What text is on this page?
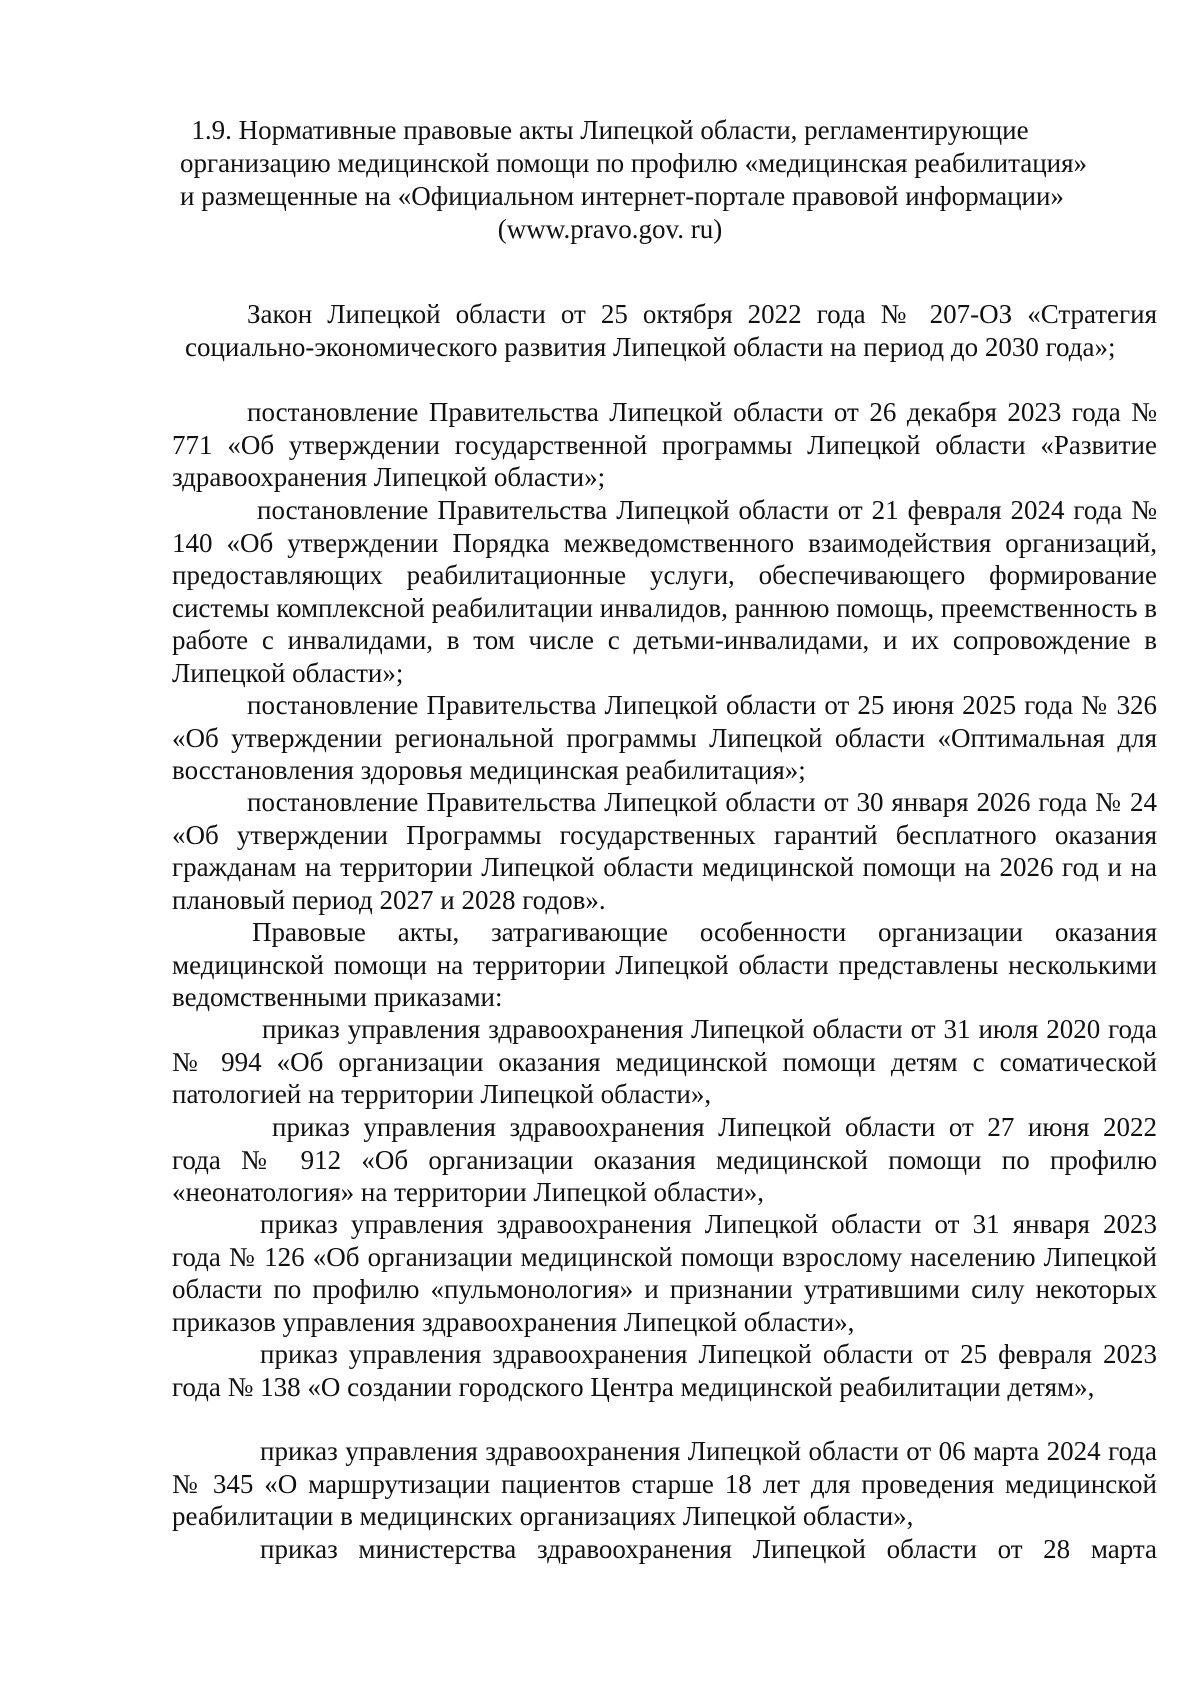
1.9. Нормативные правовые акты Липецкой области, регламентирующие
организацию медицинской помощи по профилю «медицинская реабилитация»
и размещенные на «Официальном интернет-портале правовой информации»
(www.pravo.gov. ru)

Закон Липецкой области от 25 октября 2022 года № 207-ОЗ «Стратегия социально-экономического развития Липецкой области на период до 2030 года»;

постановление Правительства Липецкой области от 26 декабря 2023 года № 771 «Об утверждении государственной программы Липецкой области «Развитие здравоохранения Липецкой области»;

постановление Правительства Липецкой области от 21 февраля 2024 года № 140 «Об утверждении Порядка межведомственного взаимодействия организаций, предоставляющих реабилитационные услуги, обеспечивающего формирование системы комплексной реабилитации инвалидов, раннюю помощь, преемственность в работе с инвалидами, в том числе с детьми-инвалидами, и их сопровождение в Липецкой области»;

постановление Правительства Липецкой области от 25 июня 2025 года № 326 «Об утверждении региональной программы Липецкой области «Оптимальная для восстановления здоровья медицинская реабилитация»;

постановление Правительства Липецкой области от 30 января 2026 года № 24 «Об утверждении Программы государственных гарантий бесплатного оказания гражданам на территории Липецкой области медицинской помощи на 2026 год и на плановый период 2027 и 2028 годов».

Правовые акты, затрагивающие особенности организации оказания медицинской помощи на территории Липецкой области представлены несколькими ведомственными приказами:

приказ управления здравоохранения Липецкой области от 31 июля 2020 года № 994 «Об организации оказания медицинской помощи детям с соматической патологией на территории Липецкой области»,

приказ управления здравоохранения Липецкой области от 27 июня 2022 года № 912 «Об организации оказания медицинской помощи по профилю «неонатология» на территории Липецкой области»,

приказ управления здравоохранения Липецкой области от 31 января 2023 года № 126 «Об организации медицинской помощи взрослому населению Липецкой области по профилю «пульмонология» и признании утратившими силу некоторых приказов управления здравоохранения Липецкой области»,

приказ управления здравоохранения Липецкой области от 25 февраля 2023 года № 138 «О создании городского Центра медицинской реабилитации детям»,

приказ управления здравоохранения Липецкой области от 06 марта 2024 года № 345 «О маршрутизации пациентов старше 18 лет для проведения медицинской реабилитации в медицинских организациях Липецкой области»,

приказ министерства здравоохранения Липецкой области от 28 марта
